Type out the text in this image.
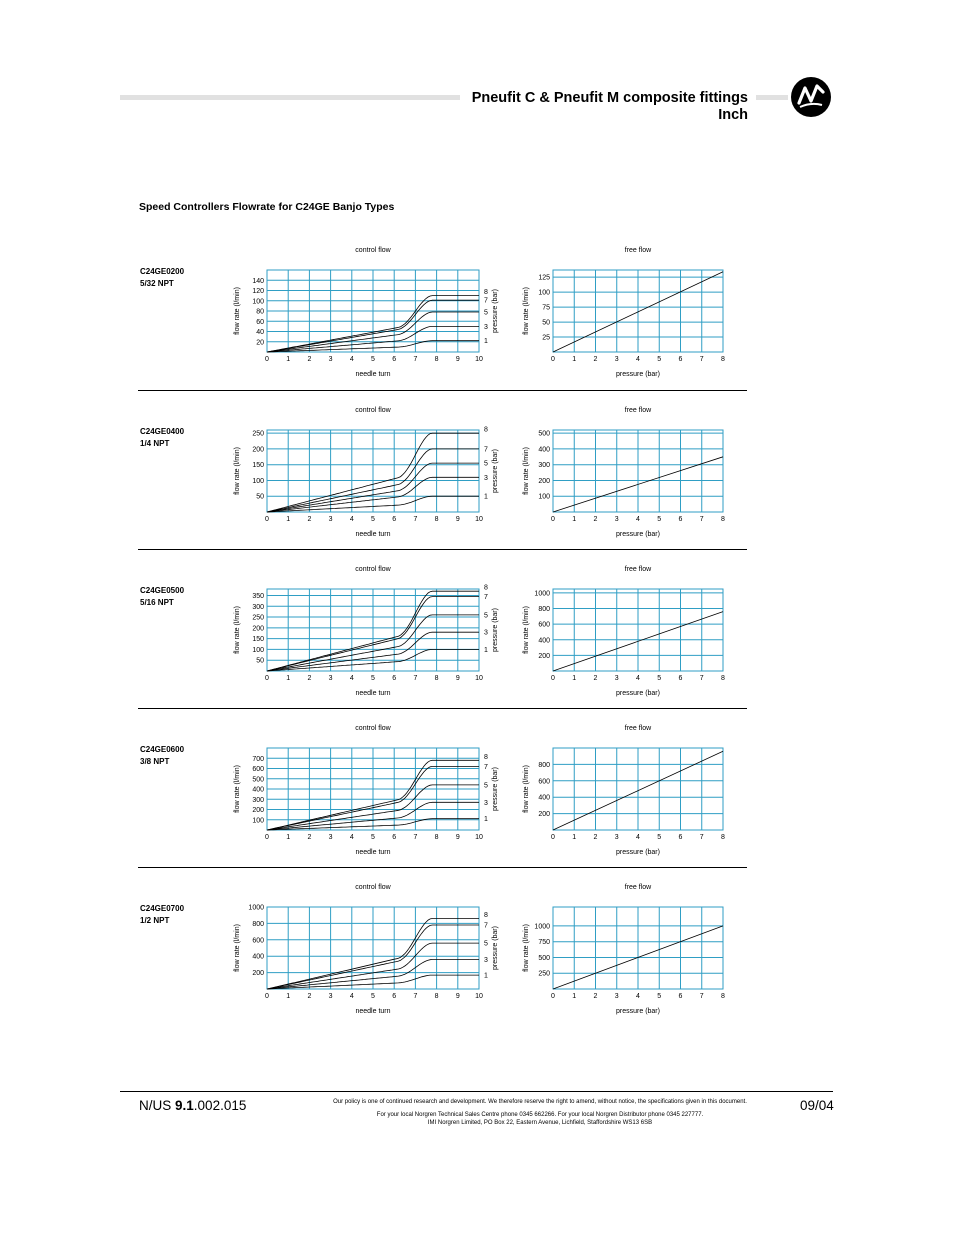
Pneufit C & Pneufit M composite fittings
Inch
Speed Controllers Flowrate for C24GE Banjo Types
C24GE0200
5/32 NPT
C24GE0400
1/4 NPT
C24GE0500
5/16 NPT
C24GE0600
3/8 NPT
C24GE0700
1/2 NPT
control flow
0 1 2 3 4 5 6 7 8 9 10
20
40
60
80
100
120
140
flow rate (l/min)	pressure (bar)
needle turn
8
7
5
3
1
free flow
0 1 2 3 4 5 6 7 8
25
50
75
100
125
flow rate (l/min)
pressure (bar)
control flow
0 1 2 3 4 5 6 7 8 9 10
50
100
150
200
250
flow rate (l/min)	pressure (bar)
needle turn
8
7
5
3
1
free flow
0 1 2 3 4 5 6 7 8
100
200
300
400
500
flow rate (l/min)
pressure (bar)
control flow
0 1 2 3 4 5 6 7 8 9 10
50
100
150
200
250
300
350
flow rate (l/min)	pressure (bar)
needle turn
8
7
5
3
1
free flow
0 1 2 3 4 5 6 7 8
200
400
600
800
1000
flow rate (l/min)
pressure (bar)
control flow
0 1 2 3 4 5 6 7 8 9 10
100
200
300
400
500
600
700
flow rate (l/min)	pressure (bar)
needle turn
8
7
5
3
1
free flow
0 1 2 3 4 5 6 7 8
200
400
600
800
flow rate (l/min)
pressure (bar)
control flow
0 1 2 3 4 5 6 7 8 9 10
200
400
600
800
1000
flow rate (l/min)	pressure (bar)
needle turn
8
7
5
3
1
free flow
0 1 2 3 4 5 6 7 8
250
500
750
1000
flow rate (l/min)
pressure (bar)
N/US 9.1.002.015	09/04
Our policy is one of continued research and development. We therefore reserve the right to amend, without notice, the specifications given in this document.
For your local Norgren Technical Sales Centre phone 0345 662266. For your local Norgren Distributor phone 0345 227777.
IMI Norgren Limited, PO Box 22, Eastern Avenue, Lichfield, Staffordshire WS13 6SB
